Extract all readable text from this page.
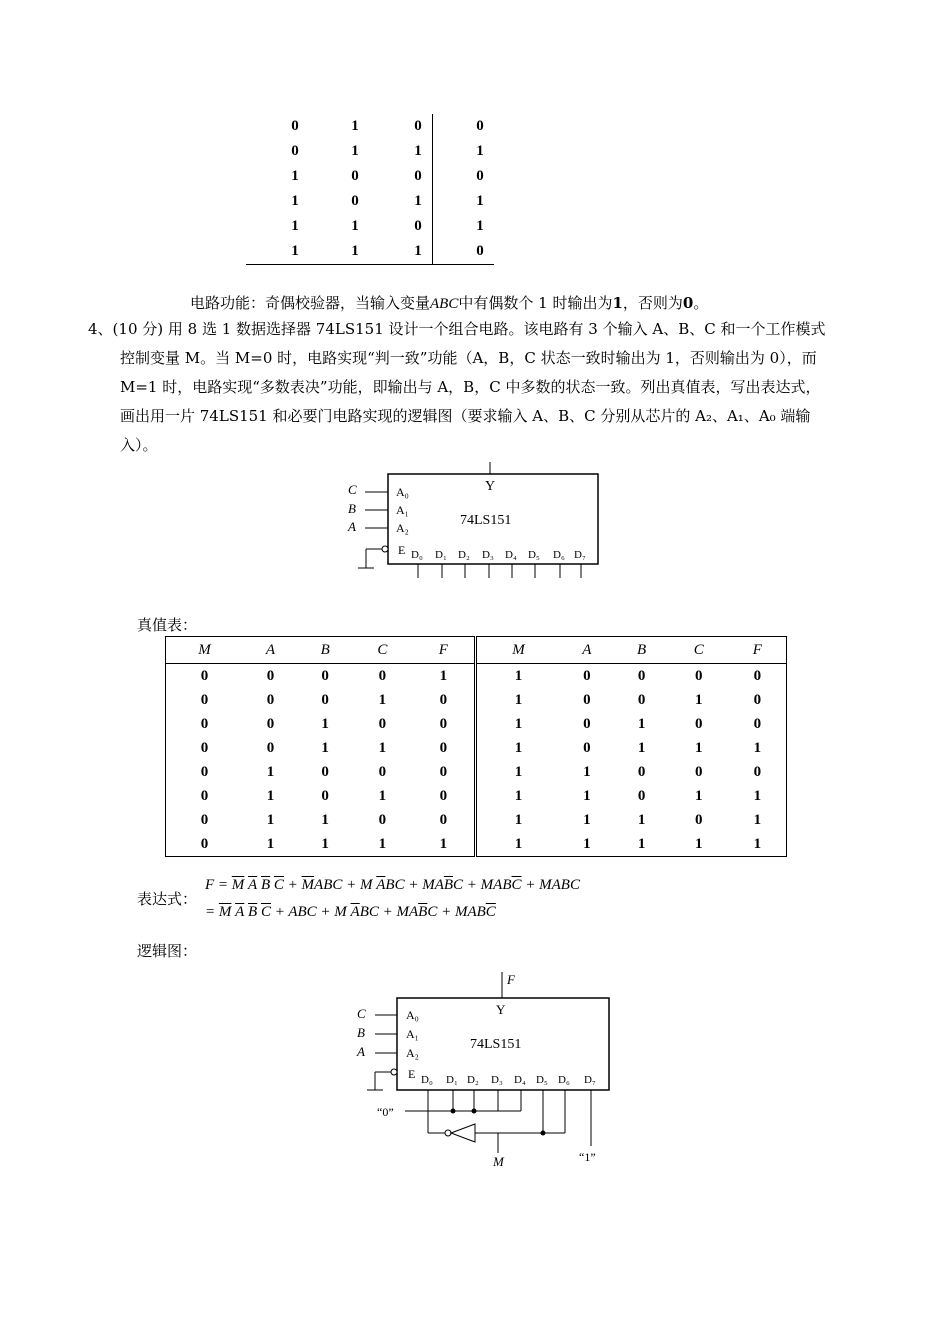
0	1	0	0
0	1	1	1
1	0	0	0
1	0	1	1
1	1	0	1
1	1	1	0
电路功能：奇偶校验器，当输入变量ABC中有偶数个 1 时输出为1，否则为0。
4、(10 分) 用 8 选 1 数据选择器 74LS151 设计一个组合电路。该电路有 3 个输入 A、B、C 和一个工作模式
控制变量 M。当 M=0 时，电路实现“判一致”功能（A，B，C 状态一致时输出为 1，否则输出为 0），而
M=1 时，电路实现“多数表决”功能，即输出与 A，B，C 中多数的状态一致。列出真值表，写出表达式，
画出用一片 74LS151 和必要门电路实现的逻辑图（要求输入 A、B、C 分别从芯片的 A₂、A₁、A₀ 端输
入）。
Y
74LS151
C
B
A
A₀
A₁
A₂
E D₀ D₁ D₂ D₃ D₄ D₅ D₆ D₇
真值表：
M	A	B	C	F	M	A	B	C	F
0	0	0	0	1	1	0	0	0	0
0	0	0	1	0	1	0	0	1	0
0	0	1	0	0	1	0	1	0	0
0	0	1	1	0	1	0	1	1	1
0	1	0	0	0	1	1	0	0	0
0	1	0	1	0	1	1	0	1	1
0	1	1	0	0	1	1	1	0	1
0	1	1	1	1	1	1	1	1	1
表达式：
$F = \overline{M}$ $\overline{A}$ $\overline{B}$ $\overline{C} + \overline{M}ABC + M$ $\overline{A}BC + MA\overline{B}C + MAB\overline{C}$ + MABC
= $\overline{M}$ $\overline{A}$ $\overline{B}$ $\overline{C}$ + ABC + M $\overline{A}BC + MA\overline{B}C + MAB\overline{C}$
逻辑图：
F
Y
74LS151
C
B
A
A₀
A₁
A₂
E D₀ D₁ D₂ D₃ D₄ D₅ D₆ D₇
“0”
“1”
M
